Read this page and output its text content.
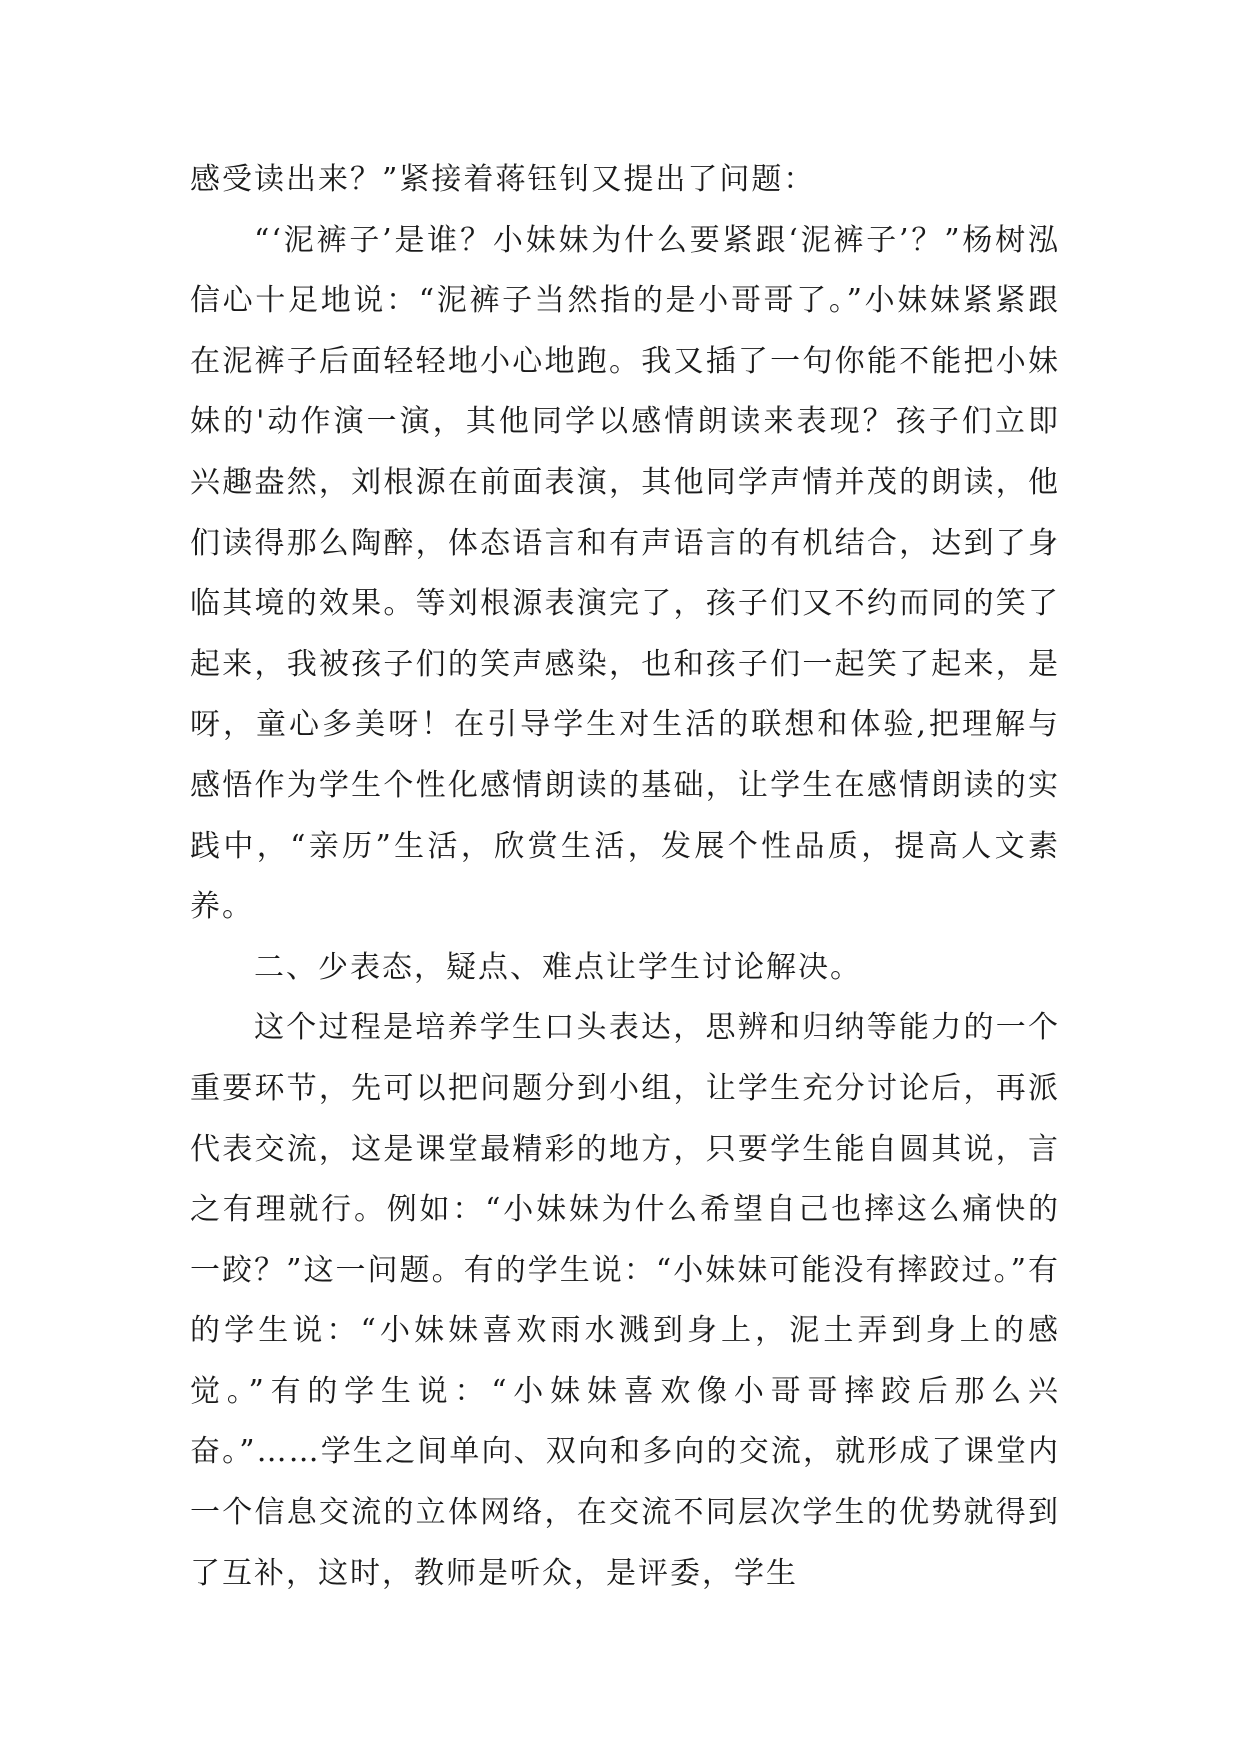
感受读出来？”紧接着蒋钰钊又提出了问题：

“‘泥裤子’是谁？小妹妹为什么要紧跟‘泥裤子’？”杨树泓信心十足地说：“泥裤子当然指的是小哥哥了。”小妹妹紧紧跟在泥裤子后面轻轻地小心地跑。我又插了一句你能不能把小妹妹的'动作演一演，其他同学以感情朗读来表现？孩子们立即兴趣盎然，刘根源在前面表演，其他同学声情并茂的朗读，他们读得那么陶醉，体态语言和有声语言的有机结合，达到了身临其境的效果。等刘根源表演完了，孩子们又不约而同的笑了起来，我被孩子们的笑声感染，也和孩子们一起笑了起来，是呀，童心多美呀！在引导学生对生活的联想和体验,把理解与感悟作为学生个性化感情朗读的基础，让学生在感情朗读的实践中，“亲历”生活，欣赏生活，发展个性品质，提高人文素养。

二、少表态，疑点、难点让学生讨论解决。

这个过程是培养学生口头表达，思辨和归纳等能力的一个重要环节，先可以把问题分到小组，让学生充分讨论后，再派代表交流，这是课堂最精彩的地方，只要学生能自圆其说，言之有理就行。例如：“小妹妹为什么希望自己也摔这么痛快的一跤？”这一问题。有的学生说：“小妹妹可能没有摔跤过。”有的学生说：“小妹妹喜欢雨水溅到身上，泥土弄到身上的感觉。”有的学生说：“小妹妹喜欢像小哥哥摔跤后那么兴奋。”……学生之间单向、双向和多向的交流，就形成了课堂内一个信息交流的立体网络，在交流不同层次学生的优势就得到了互补，这时，教师是听众，是评委，学生
